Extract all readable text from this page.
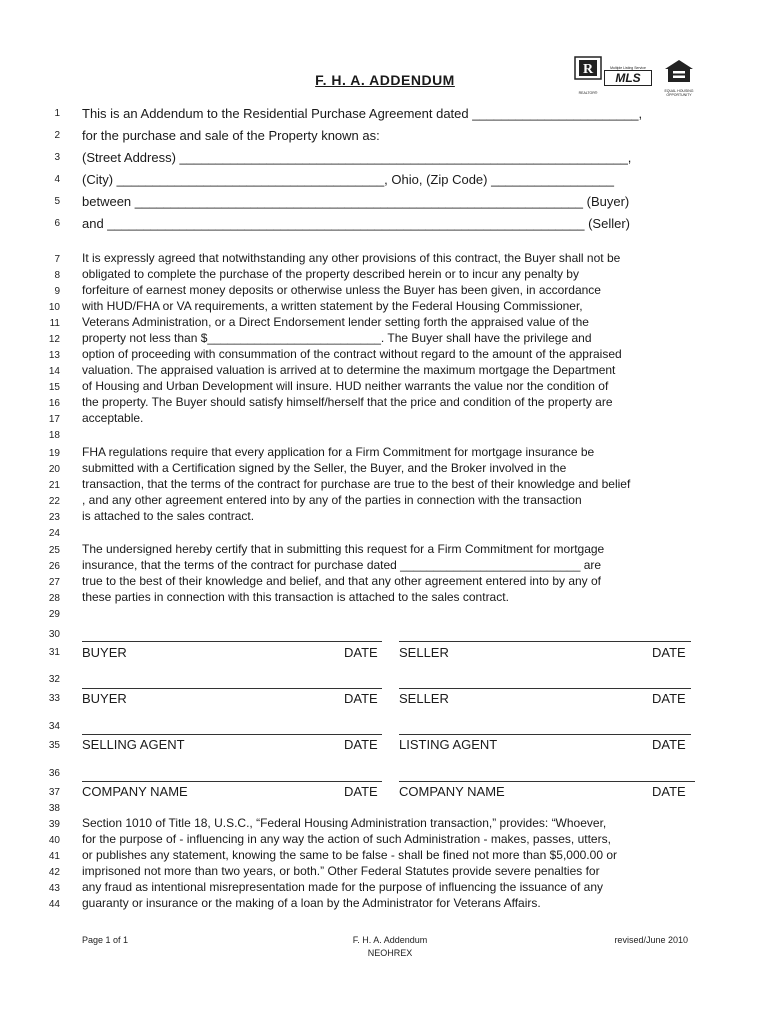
F. H. A. ADDENDUM
R
REALTOR®
Multiple Listing Service
MLS
EQUAL HOUSING OPPORTUNITY
1
2
3
4
5
6
7
8
9
10
11
12
13
14
15
16
17
18
19
20
21
22
23
24
25
26
27
28
29
30
31
32
33
34
35
36
37
38
39
40
41
42
43
44
This is an Addendum to the Residential Purchase Agreement dated _______________________,
for the purchase and sale of the Property known as:
(Street Address) ______________________________________________________________,
(City) _____________________________________, Ohio, (Zip Code) _________________
between ______________________________________________________________ (Buyer)
and __________________________________________________________________ (Seller)
It is expressly agreed that notwithstanding any other provisions of this contract, the Buyer shall not be
obligated to complete the purchase of the property described herein or to incur any penalty by
forfeiture of earnest money deposits or otherwise unless the Buyer has been given, in accordance
with HUD/FHA or VA requirements, a written statement by the Federal Housing Commissioner,
Veterans Administration, or a Direct Endorsement lender setting forth the appraised value of the
property not less than $__________________________. The Buyer shall have the privilege and
option of proceeding with consummation of the contract without regard to the amount of the appraised
valuation. The appraised valuation is arrived at to determine the maximum mortgage the Department
of Housing and Urban Development will insure. HUD neither warrants the value nor the condition of
the property. The Buyer should satisfy himself/herself that the price and condition of the property are
acceptable.
FHA regulations require that every application for a Firm Commitment for mortgage insurance be
submitted with a Certification signed by the Seller, the Buyer, and the Broker involved in the
transaction, that the terms of the contract for purchase are true to the best of their knowledge and belief
, and any other agreement entered into by any of the parties in connection with the transaction
is attached to the sales contract.
The undersigned hereby certify that in submitting this request for a Firm Commitment for mortgage
insurance, that the terms of the contract for purchase dated ___________________________ are
true to the best of their knowledge and belief, and that any other agreement entered into by any of
these parties in connection with this transaction is attached to the sales contract.
BUYER	DATE SELLER	DATE
BUYER	DATE SELLER	DATE
SELLING AGENT	DATE LISTING AGENT	DATE
COMPANY NAME	DATE COMPANY NAME	DATE
Section 1010 of Title 18, U.S.C., “Federal Housing Administration transaction,” provides: “Whoever,
for the purpose of - influencing in any way the action of such Administration - makes, passes, utters,
or publishes any statement, knowing the same to be false - shall be fined not more than $5,000.00 or
imprisoned not more than two years, or both.” Other Federal Statutes provide severe penalties for
any fraud as intentional misrepresentation made for the purpose of influencing the issuance of any
guaranty or insurance or the making of a loan by the Administrator for Veterans Affairs.
Page 1 of 1	F. H. A. Addendum
NEOHREX
revised/June 2010
